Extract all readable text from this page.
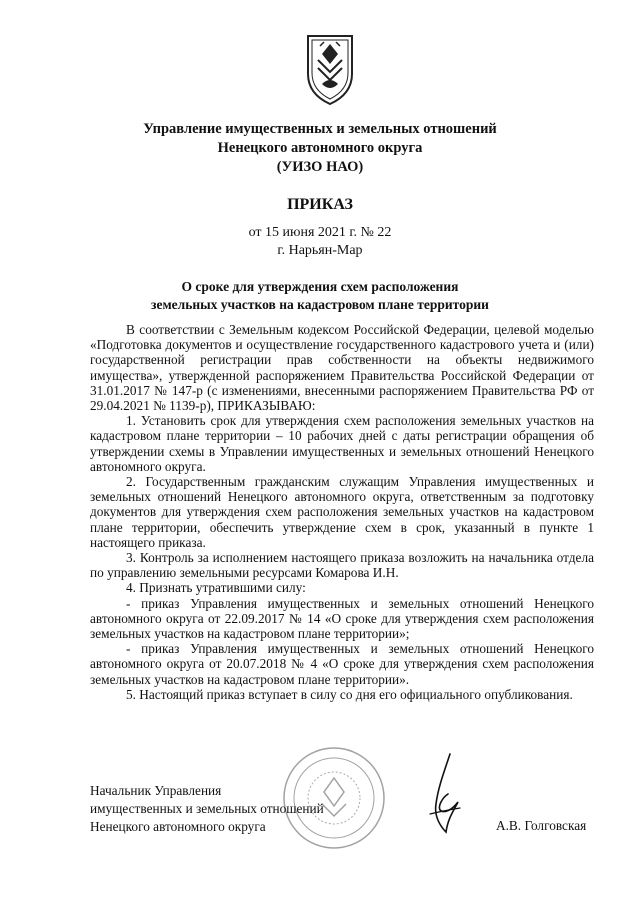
Управление имущественных и земельных отношений
Ненецкого автономного округа
(УИЗО НАО)
ПРИКАЗ
от 15 июня 2021 г. № 22
г. Нарьян-Мар
О сроке для утверждения схем расположения
земельных участков на кадастровом плане территории

В соответствии с Земельным кодексом Российской Федерации, целевой моделью «Подготовка документов и осуществление государственного кадастрового учета и (или) государственной регистрации прав собственности на объекты недвижимого имущества», утвержденной распоряжением Правительства Российской Федерации от 31.01.2017 № 147-р (с изменениями, внесенными распоряжением Правительства РФ от 29.04.2021 № 1139-р), ПРИКАЗЫВАЮ:

1. Установить срок для утверждения схем расположения земельных участков на кадастровом плане территории – 10 рабочих дней с даты регистрации обращения об утверждении схемы в Управлении имущественных и земельных отношений Ненецкого автономного округа.

2. Государственным гражданским служащим Управления имущественных и земельных отношений Ненецкого автономного округа, ответственным за подготовку документов для утверждения схем расположения земельных участков на кадастровом плане территории, обеспечить утверждение схем в срок, указанный в пункте 1 настоящего приказа.

3. Контроль за исполнением настоящего приказа возложить на начальника отдела по управлению земельными ресурсами Комарова И.Н.

4. Признать утратившими силу:

- приказ Управления имущественных и земельных отношений Ненецкого автономного округа от 22.09.2017 № 14 «О сроке для утверждения схем расположения земельных участков на кадастровом плане территории»;

- приказ Управления имущественных и земельных отношений Ненецкого автономного округа от 20.07.2018 № 4 «О сроке для утверждения схем расположения земельных участков на кадастровом плане территории».

5. Настоящий приказ вступает в силу со дня его официального опубликования.

Начальник Управления
имущественных и земельных отношений
Ненецкого автономного округа	А.В. Голговская
